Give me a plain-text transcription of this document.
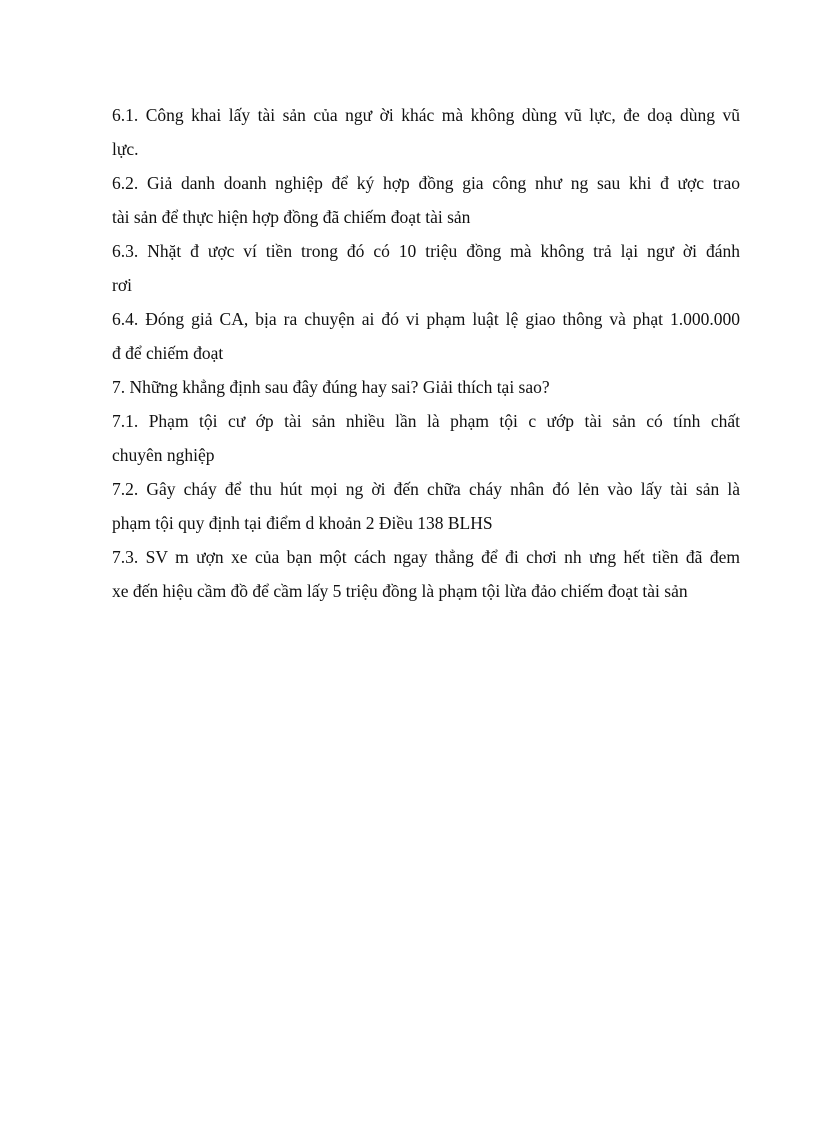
6.1. Công khai lấy tài sản của ngư ời khác mà không dùng vũ lực, đe doạ dùng vũ
lực.

6.2. Giả danh doanh nghiệp để ký hợp đồng gia công như ng sau khi đ ược trao
tài sản để thực hiện hợp đồng đã chiếm đoạt tài sản

6.3. Nhặt đ ược ví tiền trong đó có 10 triệu đồng mà không trả lại ngư ời đánh
rơi

6.4. Đóng giả CA, bịa ra chuyện ai đó vi phạm luật lệ giao thông và phạt 1.000.000
đ để chiếm đoạt

7. Những khẳng định sau đây đúng hay sai? Giải thích tại sao?

7.1. Phạm tội cư ớp tài sản nhiều lần là phạm tội c ướp tài sản có tính chất
chuyên nghiệp

7.2. Gây cháy để thu hút mọi ng ời đến chữa cháy nhân đó lẻn vào lấy tài sản là
phạm tội quy định tại điểm d khoản 2 Điều 138 BLHS

7.3. SV m ượn xe của bạn một cách ngay thẳng để đi chơi nh ưng hết tiền đã đem
xe đến hiệu cầm đồ để cầm lấy 5 triệu đồng là phạm tội lừa đảo chiếm đoạt tài sản
